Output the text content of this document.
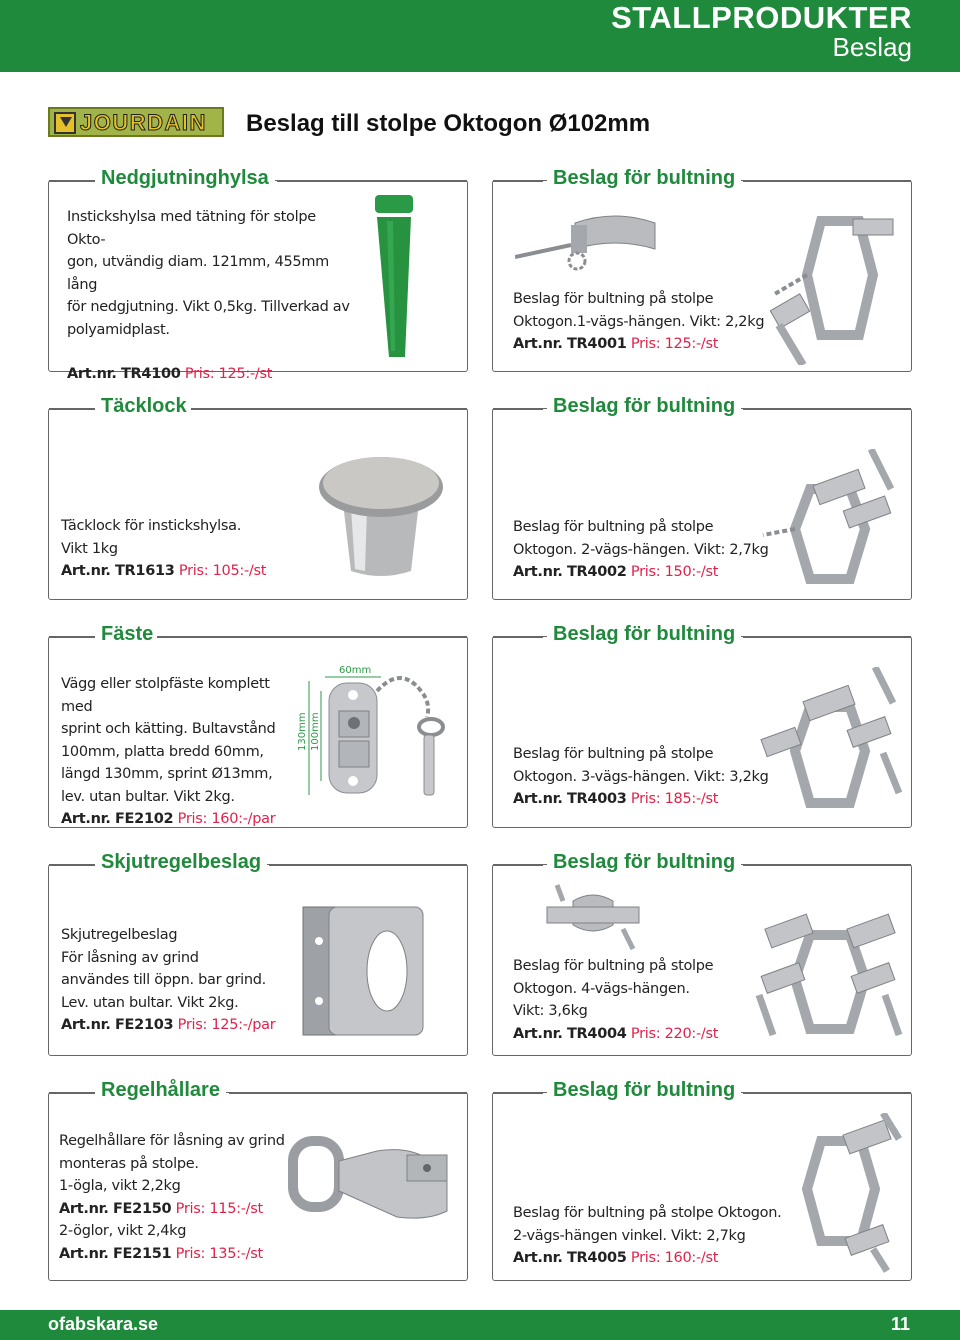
STALLPRODUKTER
Beslag
JOURDAIN Beslag till stolpe Oktogon Ø102mm
Nedgjutninghylsa
Instickshylsa med tätning för stolpe Okto-
gon, utvändig diam. 121mm, 455mm lång
för nedgjutning. Vikt 0,5kg. Tillverkad av
polyamidplast.
Art.nr. TR4100 Pris: 125:-/st
Täcklock
Täcklock för instickshylsa.
Vikt 1kg
Art.nr. TR1613 Pris: 105:-/st
Fäste
Vägg eller stolpfäste komplett med
sprint och kätting. Bultavstånd
100mm, platta bredd 60mm,
längd 130mm, sprint Ø13mm,
lev. utan bultar. Vikt 2kg.
Art.nr. FE2102 Pris: 160:-/par
60mm
130mm 100mm
Skjutregelbeslag
Skjutregelbeslag
För låsning av grind
användes till öppn. bar grind.
Lev. utan bultar. Vikt 2kg.
Art.nr. FE2103 Pris: 125:-/par
Regelhållare
Regelhållare för låsning av grind
monteras på stolpe.
1-ögla, vikt 2,2kg
Art.nr. FE2150 Pris: 115:-/st
2-öglor, vikt 2,4kg
Art.nr. FE2151 Pris: 135:-/st
Beslag för bultning
Beslag för bultning på stolpe
Oktogon.1-vägs-hängen. Vikt: 2,2kg
Art.nr. TR4001 Pris: 125:-/st
Beslag för bultning
Beslag för bultning på stolpe
Oktogon. 2-vägs-hängen. Vikt: 2,7kg
Art.nr. TR4002 Pris: 150:-/st
Beslag för bultning
Beslag för bultning på stolpe
Oktogon. 3-vägs-hängen. Vikt: 3,2kg
Art.nr. TR4003 Pris: 185:-/st
Beslag för bultning
Beslag för bultning på stolpe
Oktogon. 4-vägs-hängen.
Vikt: 3,6kg
Art.nr. TR4004 Pris: 220:-/st
Beslag för bultning
Beslag för bultning på stolpe Oktogon.
2-vägs-hängen vinkel. Vikt: 2,7kg
Art.nr. TR4005 Pris: 160:-/st
ofabskara.se	11
